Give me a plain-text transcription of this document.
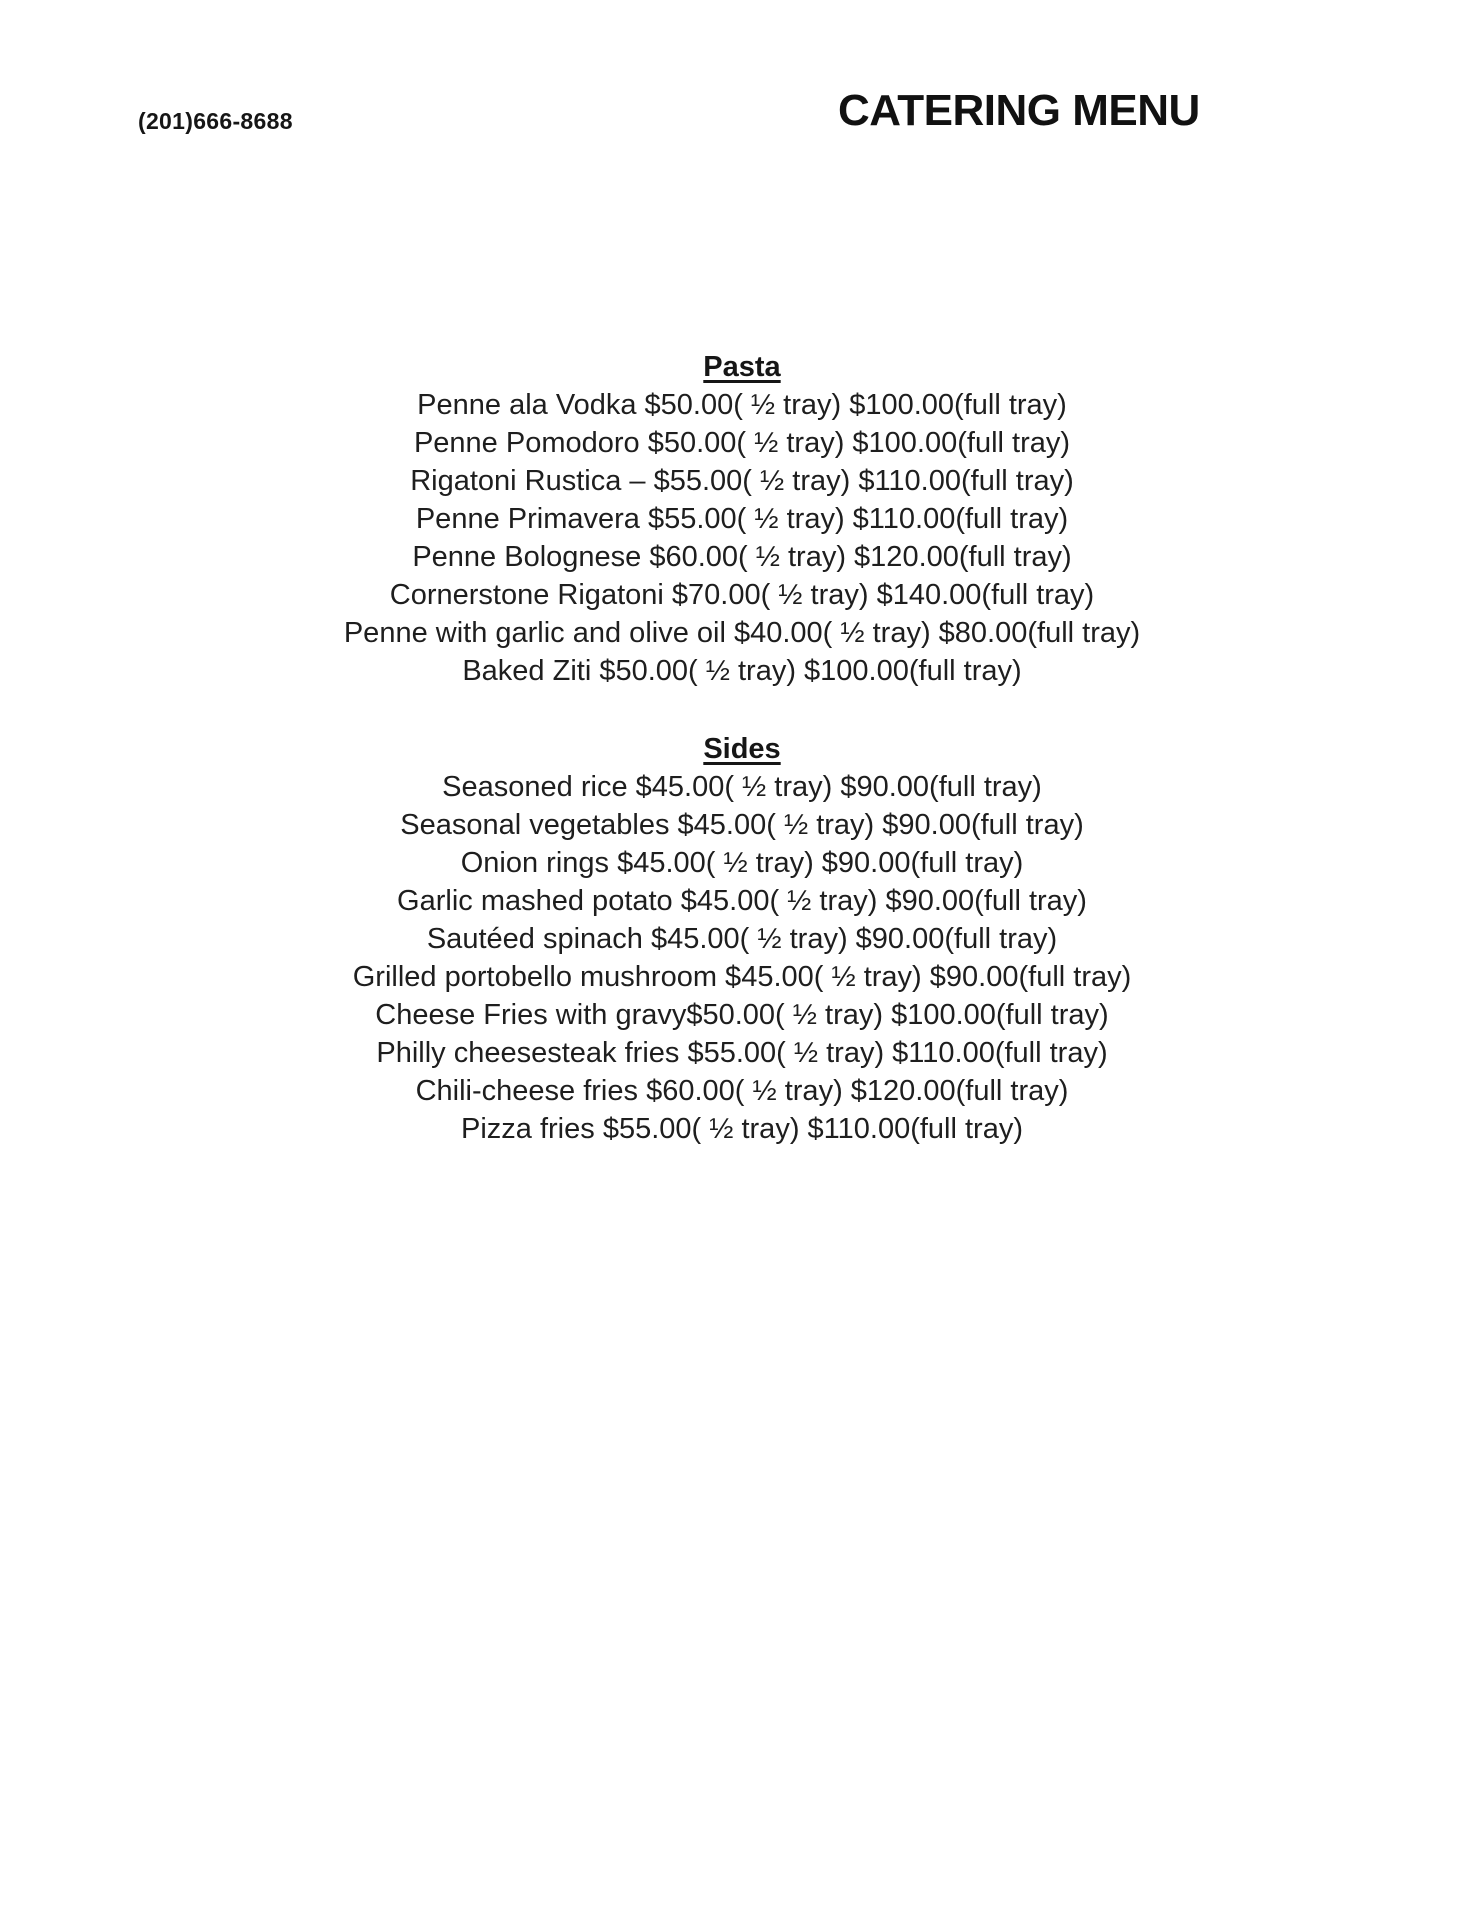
(201)666-8688	CATERING MENU
Pasta
Penne ala Vodka $50.00( ½ tray) $100.00(full tray)
Penne Pomodoro $50.00( ½ tray) $100.00(full tray)
Rigatoni Rustica – $55.00( ½ tray) $110.00(full tray)
Penne Primavera $55.00( ½ tray) $110.00(full tray)
Penne Bolognese $60.00( ½ tray) $120.00(full tray)
Cornerstone Rigatoni $70.00( ½ tray) $140.00(full tray)
Penne with garlic and olive oil $40.00( ½ tray) $80.00(full tray)
Baked Ziti $50.00( ½ tray) $100.00(full tray)
Sides
Seasoned rice $45.00( ½ tray) $90.00(full tray)
Seasonal vegetables $45.00( ½ tray) $90.00(full tray)
Onion rings $45.00( ½ tray) $90.00(full tray)
Garlic mashed potato $45.00( ½ tray) $90.00(full tray)
Sautéed spinach $45.00( ½ tray) $90.00(full tray)
Grilled portobello mushroom $45.00( ½ tray) $90.00(full tray)
Cheese Fries with gravy$50.00( ½ tray) $100.00(full tray)
Philly cheesesteak fries $55.00( ½ tray) $110.00(full tray)
Chili-cheese fries $60.00( ½ tray) $120.00(full tray)
Pizza fries $55.00( ½ tray) $110.00(full tray)
